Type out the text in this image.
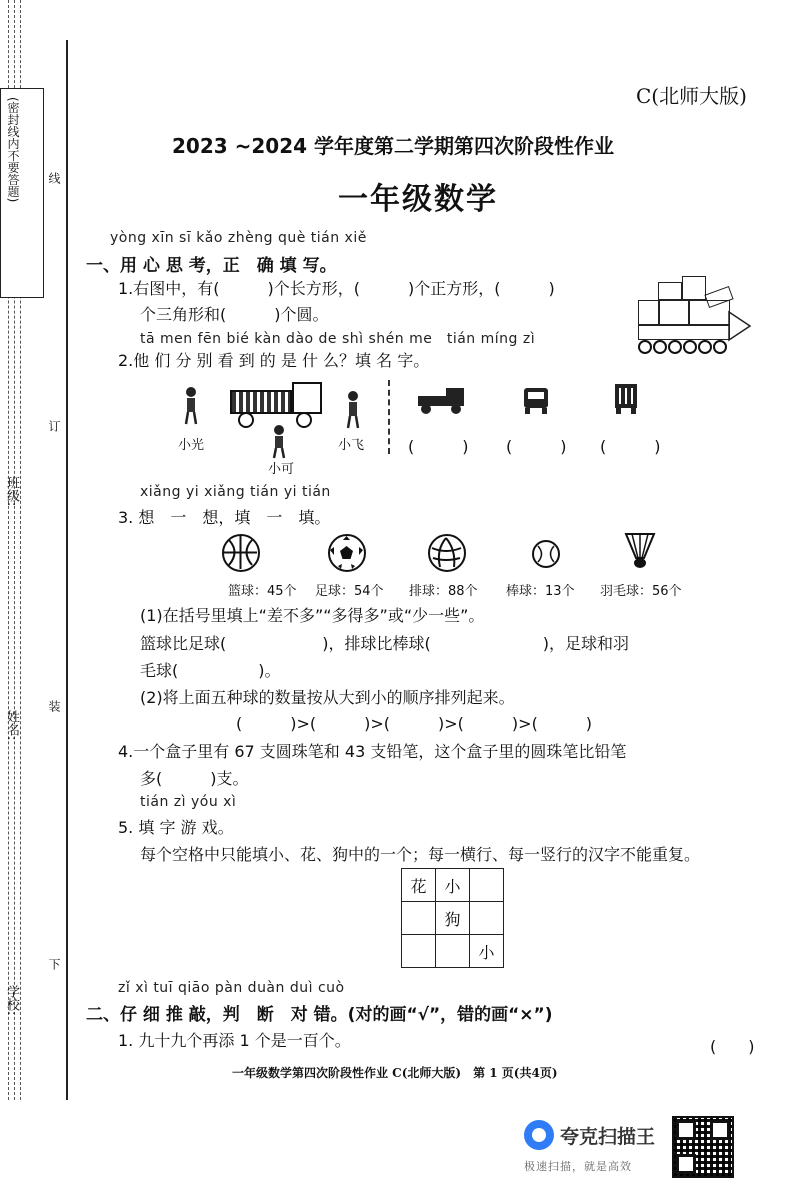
(密封线内不要答题) 线
订
装
下
班级:
姓名:
学校:
C(北师大版)
2023 ~2024 学年度第二学期第四次阶段性作业
一年级数学
yòng xīn sī kǎo zhèng què tián xiě
一、用 心 思 考，正　确 填 写。
1.右图中，有(　　　)个长方形，(　　　)个正方形，(　　　)
个三角形和(　　　)个圆。
tā men fēn bié kàn dào de shì shén me　tián míng zì
2.他 们 分 别 看 到 的 是 什 么？填 名 字。
小光
小可
小飞	(　　　) (　　　) (　　　)
xiǎng yi xiǎng tián yi tián
3. 想　一　想，填　一　填。
篮球：45个 足球：54个 排球：88个 棒球：13个 羽毛球：56个
(1)在括号里填上“差不多”“多得多”或“少一些”。
篮球比足球(　　　　　　)，排球比棒球(　　　　　　　)，足球和羽
毛球(　　　　　)。
(2)将上面五种球的数量按从大到小的顺序排列起来。
(　　　)>(　　　)>(　　　)>(　　　)>(　　　)
4.一个盒子里有 67 支圆珠笔和 43 支铅笔，这个盒子里的圆珠笔比铅笔
多(　　　)支。
tián zì yóu xì
5. 填 字 游 戏。
每个空格中只能填小、花、狗中的一个；每一横行、每一竖行的汉字不能重复。
花	小	
	狗	
		小
zǐ xì tuī qiāo pàn duàn duì cuò
二、仔 细 推 敲，判　断　对 错。(对的画“√”，错的画“×”)
1. 九十九个再添 1 个是一百个。	(　　)
一年级数学第四次阶段性作业 C(北师大版)　第 1 页(共4页)
夸克扫描王
极速扫描，就是高效
